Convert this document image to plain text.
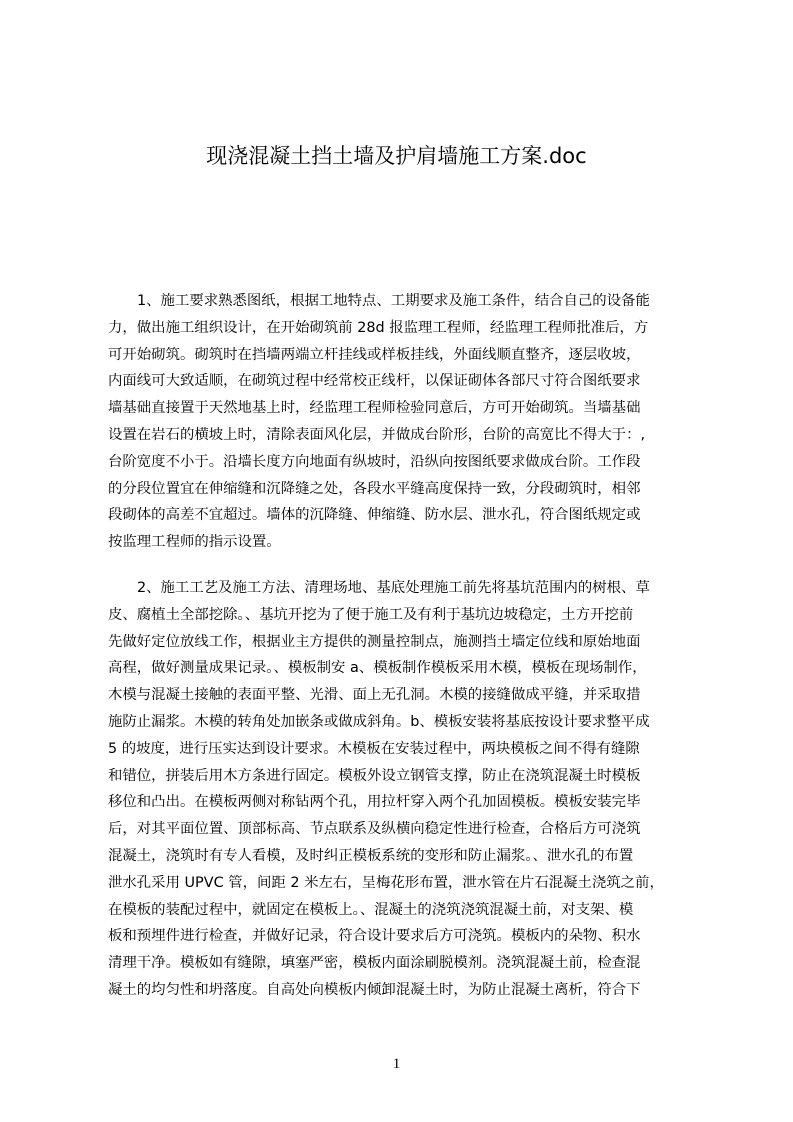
现浇混凝土挡土墙及护肩墙施工方案.doc
1、施工要求熟悉图纸，根据工地特点、工期要求及施工条件，结合自己的设备能
力，做出施工组织设计，在开始砌筑前 28d 报监理工程师，经监理工程师批准后，方
可开始砌筑。砌筑时在挡墙两端立杆挂线或样板挂线，外面线顺直整齐，逐层收坡，
内面线可大致适顺，在砌筑过程中经常校正线杆，以保证砌体各部尺寸符合图纸要求
墙基础直接置于天然地基上时，经监理工程师检验同意后，方可开始砌筑。当墙基础
设置在岩石的横坡上时，清除表面风化层，并做成台阶形，台阶的高宽比不得大于：,
台阶宽度不小于。沿墙长度方向地面有纵坡时，沿纵向按图纸要求做成台阶。工作段
的分段位置宜在伸缩缝和沉降缝之处，各段水平缝高度保持一致，分段砌筑时，相邻
段砌体的高差不宜超过。墙体的沉降缝、伸缩缝、防水层、泄水孔，符合图纸规定或
按监理工程师的指示设置。
2、施工工艺及施工方法、清理场地、基底处理施工前先将基坑范围内的树根、草
皮、腐植土全部挖除。、基坑开挖为了便于施工及有利于基坑边坡稳定，土方开挖前
先做好定位放线工作，根据业主方提供的测量控制点，施测挡土墙定位线和原始地面
高程，做好测量成果记录。、模板制安 a、模板制作模板采用木模，模板在现场制作，
木模与混凝土接触的表面平整、光滑、面上无孔洞。木模的接缝做成平缝，并采取措
施防止漏浆。木模的转角处加嵌条或做成斜角。b、模板安装将基底按设计要求整平成
5 的坡度，进行压实达到设计要求。木模板在安装过程中，两块模板之间不得有缝隙
和错位，拼装后用木方条进行固定。模板外设立钢管支撑，防止在浇筑混凝土时模板
移位和凸出。在模板两侧对称钻两个孔，用拉杆穿入两个孔加固模板。模板安装完毕
后，对其平面位置、顶部标高、节点联系及纵横向稳定性进行检查，合格后方可浇筑
混凝土，浇筑时有专人看模，及时纠正模板系统的变形和防止漏浆。、泄水孔的布置
泄水孔采用 UPVC 管，间距 2 米左右，呈梅花形布置，泄水管在片石混凝土浇筑之前，
在模板的装配过程中，就固定在模板上。、混凝土的浇筑浇筑混凝土前，对支架、模
板和预埋件进行检查，并做好记录，符合设计要求后方可浇筑。模板内的朵物、积水
清理干净。模板如有缝隙，填塞严密，模板内面涂刷脱模剂。浇筑混凝土前，检查混
凝土的均匀性和坍落度。自高处向模板内倾卸混凝土时，为防止混凝土离析，符合下
1
